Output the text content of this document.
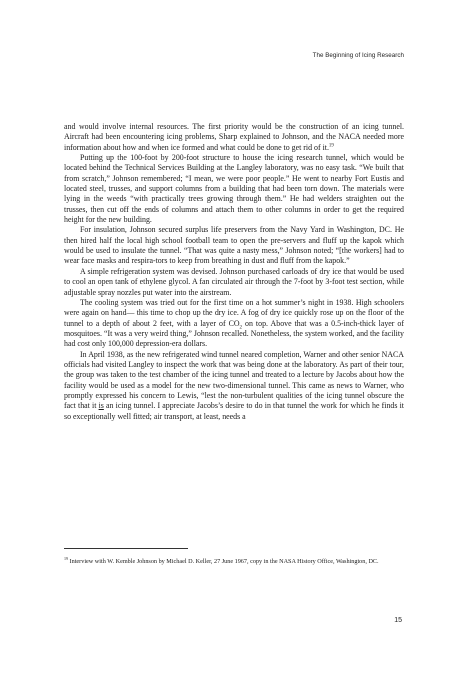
The Beginning of Icing Research

and would involve internal resources. The first priority would be the construction of an icing tunnel. Aircraft had been encountering icing problems, Sharp explained to Johnson, and the NACA needed more information about how and when ice formed and what could be done to get rid of it.$^{19}$

Putting up the 100-foot by 200-foot structure to house the icing research tunnel, which would be located behind the Technical Services Building at the Langley laboratory, was no easy task. “We built that from scratch,” Johnson remembered; “I mean, we were poor people.” He went to nearby Fort Eustis and located steel, trusses, and support columns from a building that had been torn down. The materials were lying in the weeds “with practically trees growing through them.” He had welders straighten out the trusses, then cut off the ends of columns and attach them to other columns in order to get the required height for the new building.

For insulation, Johnson secured surplus life preservers from the Navy Yard in Washington, DC. He then hired half the local high school football team to open the pre-servers and fluff up the kapok which would be used to insulate the tunnel. “That was quite a nasty mess,” Johnson noted; “[the workers] had to wear face masks and respira-tors to keep from breathing in dust and fluff from the kapok.”

A simple refrigeration system was devised. Johnson purchased carloads of dry ice that would be used to cool an open tank of ethylene glycol. A fan circulated air through the 7-foot by 3-foot test section, while adjustable spray nozzles put water into the airstream.

The cooling system was tried out for the first time on a hot summer’s night in 1938. High schoolers were again on hand— this time to chop up the dry ice. A fog of dry ice quickly rose up on the floor of the tunnel to a depth of about 2 feet, with a layer of $CO_2$ on top. Above that was a 0.5-inch-thick layer of mosquitoes. “It was a very weird thing,” Johnson recalled. Nonetheless, the system worked, and the facility had cost only 100,000 depression-era dollars.

In April 1938, as the new refrigerated wind tunnel neared completion, Warner and other senior NACA officials had visited Langley to inspect the work that was being done at the laboratory. As part of their tour, the group was taken to the test chamber of the icing tunnel and treated to a lecture by Jacobs about how the facility would be used as a model for the new two-dimensional tunnel. This came as news to Warner, who promptly expressed his concern to Lewis, “lest the non-turbulent qualities of the icing tunnel obscure the fact that it is an icing tunnel. I appreciate Jacobs’s desire to do in that tunnel the work for which he finds it so exceptionally well fitted; air transport, at least, needs a

$^{19}$ Interview with W. Kemble Johnson by Michael D. Keller, 27 June 1967, copy in the NASA History Office, Washington, DC.
15
